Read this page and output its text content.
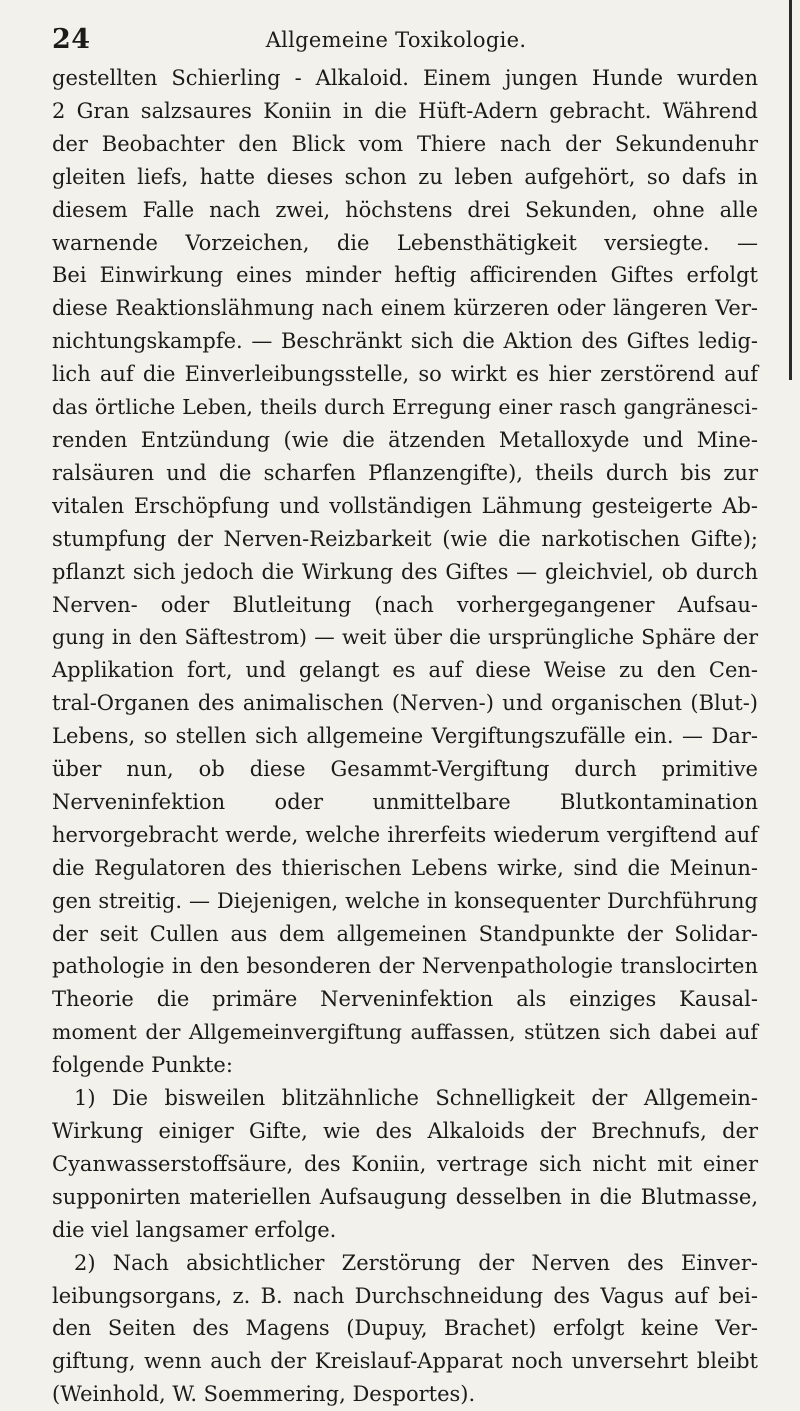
24	Allgemeine Toxikologie.
gestellten Schierling - Alkaloid. Einem jungen Hunde wurden
2 Gran salzsaures Koniin in die Hüft-Adern gebracht. Während
der Beobachter den Blick vom Thiere nach der Sekundenuhr
gleiten liefs, hatte dieses schon zu leben aufgehört, so dafs in
diesem Falle nach zwei, höchstens drei Sekunden, ohne alle
warnende Vorzeichen, die Lebensthätigkeit versiegte. —
Bei Einwirkung eines minder heftig afficirenden Giftes erfolgt
diese Reaktionslähmung nach einem kürzeren oder längeren Ver-
nichtungskampfe. — Beschränkt sich die Aktion des Giftes ledig-
lich auf die Einverleibungsstelle, so wirkt es hier zerstörend auf
das örtliche Leben, theils durch Erregung einer rasch gangränesci-
renden Entzündung (wie die ätzenden Metalloxyde und Mine-
ralsäuren und die scharfen Pflanzengifte), theils durch bis zur
vitalen Erschöpfung und vollständigen Lähmung gesteigerte Ab-
stumpfung der Nerven-Reizbarkeit (wie die narkotischen Gifte);
pflanzt sich jedoch die Wirkung des Giftes — gleichviel, ob durch
Nerven- oder Blutleitung (nach vorhergegangener Aufsau-
gung in den Säftestrom) — weit über die ursprüngliche Sphäre der
Applikation fort, und gelangt es auf diese Weise zu den Cen-
tral-Organen des animalischen (Nerven-) und organischen (Blut-)
Lebens, so stellen sich allgemeine Vergiftungszufälle ein. — Dar-
über nun, ob diese Gesammt-Vergiftung durch primitive
Nerveninfektion oder unmittelbare Blutkontamination
hervorgebracht werde, welche ihrerfeits wiederum vergiftend auf
die Regulatoren des thierischen Lebens wirke, sind die Meinun-
gen streitig. — Diejenigen, welche in konsequenter Durchführung
der seit Cullen aus dem allgemeinen Standpunkte der Solidar-
pathologie in den besonderen der Nervenpathologie translocirten
Theorie die primäre Nerveninfektion als einziges Kausal-
moment der Allgemeinvergiftung auffassen, stützen sich dabei auf
folgende Punkte:
1) Die bisweilen blitzähnliche Schnelligkeit der Allgemein-
Wirkung einiger Gifte, wie des Alkaloids der Brechnufs, der
Cyanwasserstoffsäure, des Koniin, vertrage sich nicht mit einer
supponirten materiellen Aufsaugung desselben in die Blutmasse,
die viel langsamer erfolge.
2) Nach absichtlicher Zerstörung der Nerven des Einver-
leibungsorgans, z. B. nach Durchschneidung des Vagus auf bei-
den Seiten des Magens (Dupuy, Brachet) erfolgt keine Ver-
giftung, wenn auch der Kreislauf-Apparat noch unversehrt bleibt
(Weinhold, W. Soemmering, Desportes).
